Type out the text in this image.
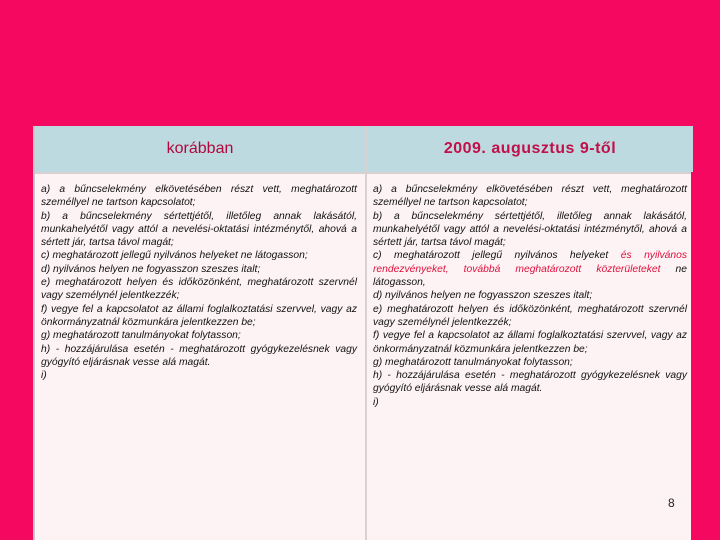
korábban	2009. augusztus 9-től

a) a bűncselekmény elkövetésében részt vett, meghatározott személlyel ne tartson kapcsolatot;

b) a bűncselekmény sértettjétől, illetőleg annak lakásától, munkahelyétől vagy attól a nevelési-oktatási intézménytől, ahová a sértett jár, tartsa távol magát;

c) meghatározott jellegű nyilvános helyeket ne látogasson;

d) nyilvános helyen ne fogyasszon szeszes italt;

e) meghatározott helyen és időközönként, meghatározott szervnél vagy személynél jelentkezzék;

f) vegye fel a kapcsolatot az állami foglalkoztatási szervvel, vagy az önkormányzatnál közmunkára jelentkezzen be;

g) meghatározott tanulmányokat folytasson;

h) - hozzájárulása esetén - meghatározott gyógykezelésnek vagy gyógyító eljárásnak vesse alá magát.

i)

a) a bűncselekmény elkövetésében részt vett, meghatározott személlyel ne tartson kapcsolatot;

b) a bűncselekmény sértettjétől, illetőleg annak lakásától, munkahelyétől vagy attól a nevelési-oktatási intézménytől, ahová a sértett jár, tartsa távol magát;

c) meghatározott jellegű nyilvános helyeket és nyilvános rendezvényeket, továbbá meghatározott közterületeket ne látogasson,

d) nyilvános helyen ne fogyasszon szeszes italt;

e) meghatározott helyen és időközönként, meghatározott szervnél vagy személynél jelentkezzék;

f) vegye fel a kapcsolatot az állami foglalkoztatási szervvel, vagy az önkormányzatnál közmunkára jelentkezzen be;

g) meghatározott tanulmányokat folytasson;

h) - hozzájárulása esetén - meghatározott gyógykezelésnek vagy gyógyító eljárásnak vesse alá magát.

i)

8
